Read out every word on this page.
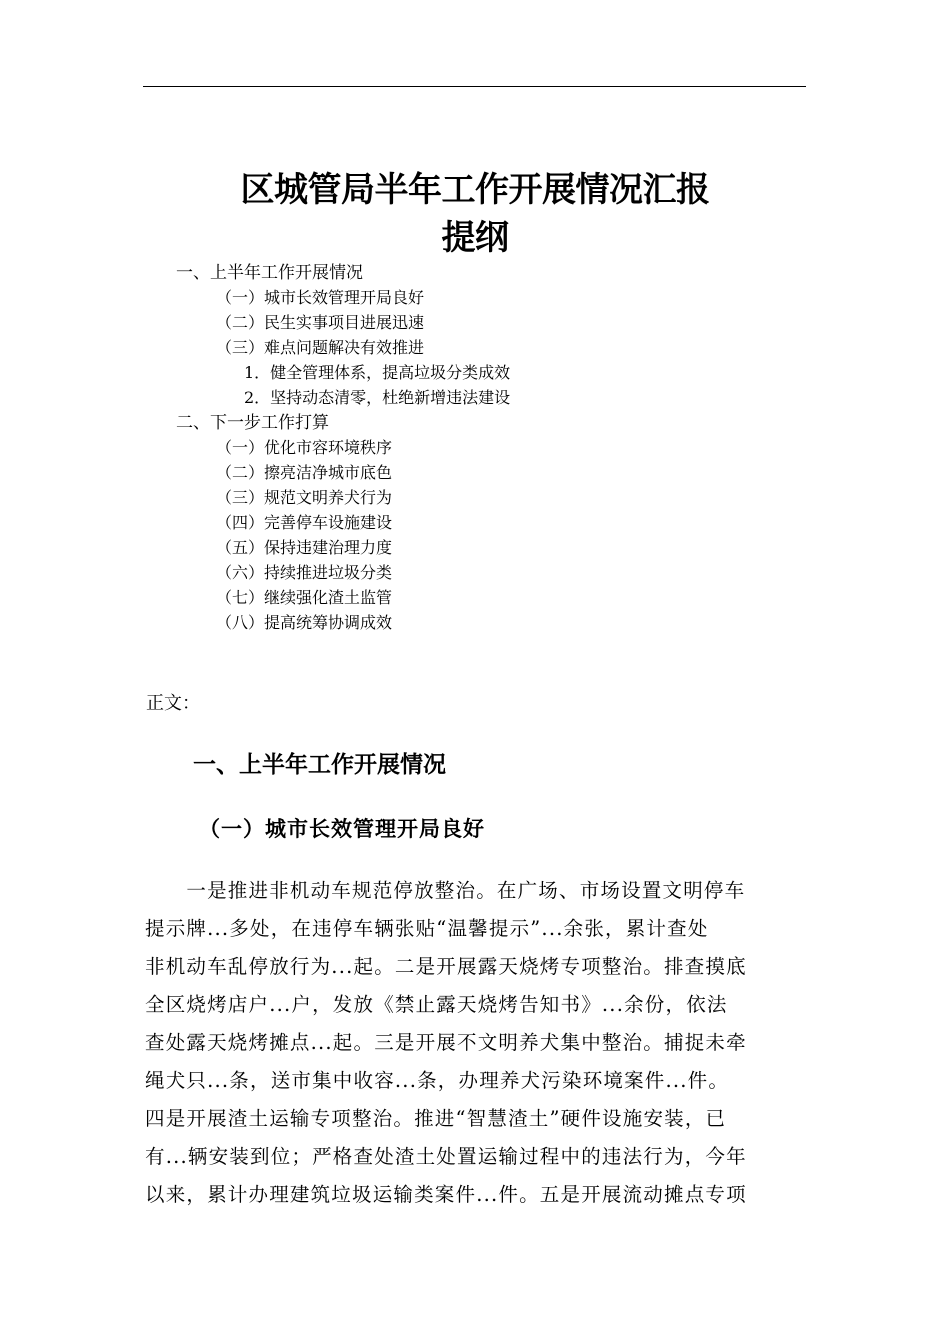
区城管局半年工作开展情况汇报
提纲
一、上半年工作开展情况
（一）城市长效管理开局良好
（二）民生实事项目进展迅速
（三）难点问题解决有效推进
1．健全管理体系，提高垃圾分类成效
2．坚持动态清零，杜绝新增违法建设
二、下一步工作打算
（一）优化市容环境秩序
（二）擦亮洁净城市底色
（三）规范文明养犬行为
（四）完善停车设施建设
（五）保持违建治理力度
（六）持续推进垃圾分类
（七）继续强化渣土监管
（八）提高统筹协调成效
正文：
一、上半年工作开展情况
（一）城市长效管理开局良好
　　一是推进非机动车规范停放整治。在广场、市场设置文明停车
提示牌...多处，在违停车辆张贴“温馨提示”...余张，累计查处
非机动车乱停放行为...起。二是开展露天烧烤专项整治。排查摸底
全区烧烤店户...户，发放《禁止露天烧烤告知书》...余份，依法
查处露天烧烤摊点...起。三是开展不文明养犬集中整治。捕捉未牵
绳犬只...条，送市集中收容...条，办理养犬污染环境案件...件。
四是开展渣土运输专项整治。推进“智慧渣土”硬件设施安装，已
有...辆安装到位；严格查处渣土处置运输过程中的违法行为，今年
以来，累计办理建筑垃圾运输类案件...件。五是开展流动摊点专项
